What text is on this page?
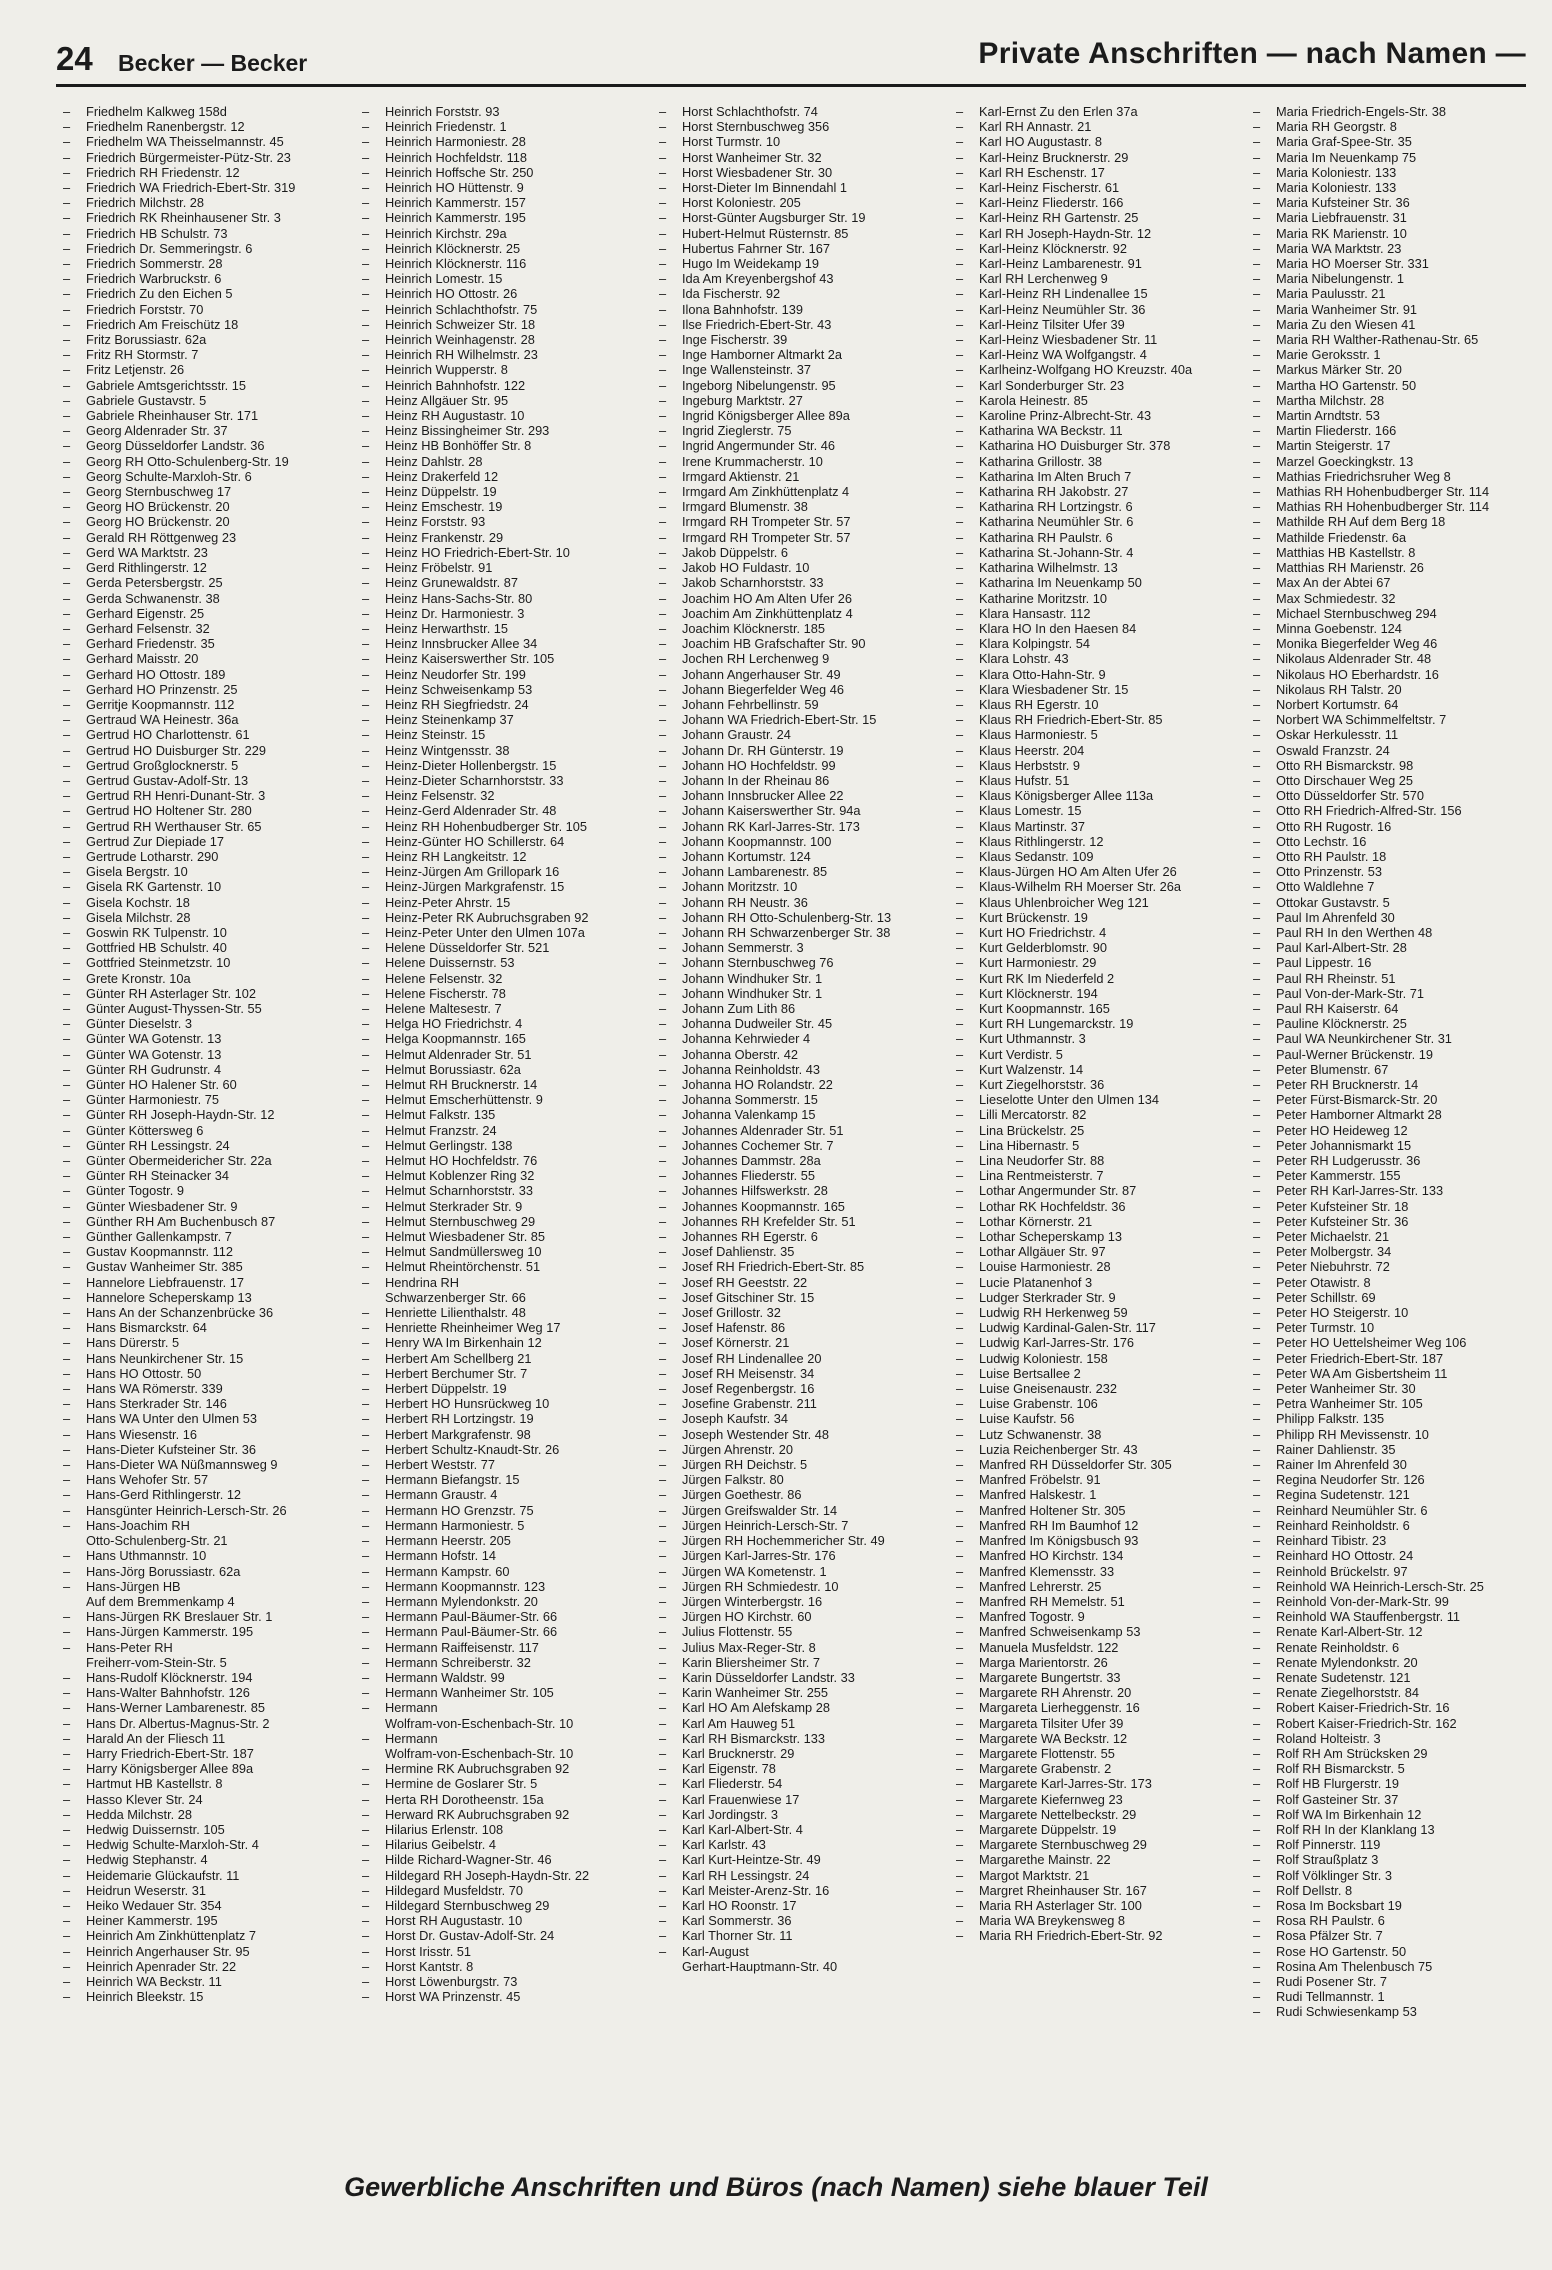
24 Becker — Becker	Private Anschriften — nach Namen —
– Friedhelm Kalkweg 158d
– Friedhelm Ranenbergstr. 12
– Friedhelm WA Theisselmannstr. 45
– Friedrich Bürgermeister-Pütz-Str. 23
– Friedrich RH Friedenstr. 12
– Friedrich WA Friedrich-Ebert-Str. 319
– Friedrich Milchstr. 28
– Friedrich RK Rheinhausener Str. 3
– Friedrich HB Schulstr. 73
– Friedrich Dr. Semmeringstr. 6
– Friedrich Sommerstr. 28
– Friedrich Warbruckstr. 6
– Friedrich Zu den Eichen 5
– Friedrich Forststr. 70
– Friedrich Am Freischütz 18
– Fritz Borussiastr. 62a
– Fritz RH Stormstr. 7
– Fritz Letjenstr. 26
– Gabriele Amtsgerichtsstr. 15
– Gabriele Gustavstr. 5
– Gabriele Rheinhauser Str. 171
– Georg Aldenrader Str. 37
– Georg Düsseldorfer Landstr. 36
– Georg RH Otto-Schulenberg-Str. 19
– Georg Schulte-Marxloh-Str. 6
– Georg Sternbuschweg 17
– Georg HO Brückenstr. 20
– Georg HO Brückenstr. 20
– Gerald RH Röttgenweg 23
– Gerd WA Marktstr. 23
– Gerd Rithlingerstr. 12
– Gerda Petersbergstr. 25
– Gerda Schwanenstr. 38
– Gerhard Eigenstr. 25
– Gerhard Felsenstr. 32
– Gerhard Friedenstr. 35
– Gerhard Maisstr. 20
– Gerhard HO Ottostr. 189
– Gerhard HO Prinzenstr. 25
– Gerritje Koopmannstr. 112
– Gertraud WA Heinestr. 36a
– Gertrud HO Charlottenstr. 61
– Gertrud HO Duisburger Str. 229
– Gertrud Großglocknerstr. 5
– Gertrud Gustav-Adolf-Str. 13
– Gertrud RH Henri-Dunant-Str. 3
– Gertrud HO Holtener Str. 280
– Gertrud RH Werthauser Str. 65
– Gertrud Zur Diepiade 17
– Gertrude Lotharstr. 290
– Gisela Bergstr. 10
– Gisela RK Gartenstr. 10
– Gisela Kochstr. 18
– Gisela Milchstr. 28
– Goswin RK Tulpenstr. 10
– Gottfried HB Schulstr. 40
– Gottfried Steinmetzstr. 10
– Grete Kronstr. 10a
– Günter RH Asterlager Str. 102
– Günter August-Thyssen-Str. 55
– Günter Dieselstr. 3
– Günter WA Gotenstr. 13
– Günter WA Gotenstr. 13
– Günter RH Gudrunstr. 4
– Günter HO Halener Str. 60
– Günter Harmoniestr. 75
– Günter RH Joseph-Haydn-Str. 12
– Günter Köttersweg 6
– Günter RH Lessingstr. 24
– Günter Obermeidericher Str. 22a
– Günter RH Steinacker 34
– Günter Togostr. 9
– Günter Wiesbadener Str. 9
– Günther RH Am Buchenbusch 87
– Günther Gallenkampstr. 7
– Gustav Koopmannstr. 112
– Gustav Wanheimer Str. 385
– Hannelore Liebfrauenstr. 17
– Hannelore Scheperskamp 13
– Hans An der Schanzenbrücke 36
– Hans Bismarckstr. 64
– Hans Dürerstr. 5
– Hans Neunkirchener Str. 15
– Hans HO Ottostr. 50
– Hans WA Römerstr. 339
– Hans Sterkrader Str. 146
– Hans WA Unter den Ulmen 53
– Hans Wiesenstr. 16
– Hans-Dieter Kufsteiner Str. 36
– Hans-Dieter WA Nüßmannsweg 9
– Hans Wehofer Str. 57
– Hans-Gerd Rithlingerstr. 12
– Hansgünter Heinrich-Lersch-Str. 26
– Hans-Joachim RH
Otto-Schulenberg-Str. 21
– Hans Uthmannstr. 10
– Hans-Jörg Borussiastr. 62a
– Hans-Jürgen HB
Auf dem Bremmenkamp 4
– Hans-Jürgen RK Breslauer Str. 1
– Hans-Jürgen Kammerstr. 195
– Hans-Peter RH
Freiherr-vom-Stein-Str. 5
– Hans-Rudolf Klöcknerstr. 194
– Hans-Walter Bahnhofstr. 126
– Hans-Werner Lambarenestr. 85
– Hans Dr. Albertus-Magnus-Str. 2
– Harald An der Fliesch 11
– Harry Friedrich-Ebert-Str. 187
– Harry Königsberger Allee 89a
– Hartmut HB Kastellstr. 8
– Hasso Klever Str. 24
– Hedda Milchstr. 28
– Hedwig Duissernstr. 105
– Hedwig Schulte-Marxloh-Str. 4
– Hedwig Stephanstr. 4
– Heidemarie Glückaufstr. 11
– Heidrun Weserstr. 31
– Heiko Wedauer Str. 354
– Heiner Kammerstr. 195
– Heinrich Am Zinkhüttenplatz 7
– Heinrich Angerhauser Str. 95
– Heinrich Apenrader Str. 22
– Heinrich WA Beckstr. 11
– Heinrich Bleekstr. 15
– Heinrich Forststr. 93
– Heinrich Friedenstr. 1
– Heinrich Harmoniestr. 28
– Heinrich Hochfeldstr. 118
– Heinrich Hoffsche Str. 250
– Heinrich HO Hüttenstr. 9
– Heinrich Kammerstr. 157
– Heinrich Kammerstr. 195
– Heinrich Kirchstr. 29a
– Heinrich Klöcknerstr. 25
– Heinrich Klöcknerstr. 116
– Heinrich Lomestr. 15
– Heinrich HO Ottostr. 26
– Heinrich Schlachthofstr. 75
– Heinrich Schweizer Str. 18
– Heinrich Weinhagenstr. 28
– Heinrich RH Wilhelmstr. 23
– Heinrich Wupperstr. 8
– Heinrich Bahnhofstr. 122
– Heinz Allgäuer Str. 95
– Heinz RH Augustastr. 10
– Heinz Bissingheimer Str. 293
– Heinz HB Bonhöffer Str. 8
– Heinz Dahlstr. 28
– Heinz Drakerfeld 12
– Heinz Düppelstr. 19
– Heinz Emschestr. 19
– Heinz Forststr. 93
– Heinz Frankenstr. 29
– Heinz HO Friedrich-Ebert-Str. 10
– Heinz Fröbelstr. 91
– Heinz Grunewaldstr. 87
– Heinz Hans-Sachs-Str. 80
– Heinz Dr. Harmoniestr. 3
– Heinz Herwarthstr. 15
– Heinz Innsbrucker Allee 34
– Heinz Kaiserswerther Str. 105
– Heinz Neudorfer Str. 199
– Heinz Schweisenkamp 53
– Heinz RH Siegfriedstr. 24
– Heinz Steinenkamp 37
– Heinz Steinstr. 15
– Heinz Wintgensstr. 38
– Heinz-Dieter Hollenbergstr. 15
– Heinz-Dieter Scharnhorststr. 33
– Heinz Felsenstr. 32
– Heinz-Gerd Aldenrader Str. 48
– Heinz RH Hohenbudberger Str. 105
– Heinz-Günter HO Schillerstr. 64
– Heinz RH Langkeitstr. 12
– Heinz-Jürgen Am Grillopark 16
– Heinz-Jürgen Markgrafenstr. 15
– Heinz-Peter Ahrstr. 15
– Heinz-Peter RK Aubruchsgraben 92
– Heinz-Peter Unter den Ulmen 107a
– Helene Düsseldorfer Str. 521
– Helene Duissernstr. 53
– Helene Felsenstr. 32
– Helene Fischerstr. 78
– Helene Maltesestr. 7
– Helga HO Friedrichstr. 4
– Helga Koopmannstr. 165
– Helmut Aldenrader Str. 51
– Helmut Borussiastr. 62a
– Helmut RH Brucknerstr. 14
– Helmut Emscherhüttenstr. 9
– Helmut Falkstr. 135
– Helmut Franzstr. 24
– Helmut Gerlingstr. 138
– Helmut HO Hochfeldstr. 76
– Helmut Koblenzer Ring 32
– Helmut Scharnhorststr. 33
– Helmut Sterkrader Str. 9
– Helmut Sternbuschweg 29
– Helmut Wiesbadener Str. 85
– Helmut Sandmüllersweg 10
– Helmut Rheintörchenstr. 51
– Hendrina RH
Schwarzenberger Str. 66
– Henriette Lilienthalstr. 48
– Henriette Rheinheimer Weg 17
– Henry WA Im Birkenhain 12
– Herbert Am Schellberg 21
– Herbert Berchumer Str. 7
– Herbert Düppelstr. 19
– Herbert HO Hunsrückweg 10
– Herbert RH Lortzingstr. 19
– Herbert Markgrafenstr. 98
– Herbert Schultz-Knaudt-Str. 26
– Herbert Weststr. 77
– Hermann Biefangstr. 15
– Hermann Graustr. 4
– Hermann HO Grenzstr. 75
– Hermann Harmoniestr. 5
– Hermann Heerstr. 205
– Hermann Hofstr. 14
– Hermann Kampstr. 60
– Hermann Koopmannstr. 123
– Hermann Mylendonkstr. 20
– Hermann Paul-Bäumer-Str. 66
– Hermann Paul-Bäumer-Str. 66
– Hermann Raiffeisenstr. 117
– Hermann Schreiberstr. 32
– Hermann Waldstr. 99
– Hermann Wanheimer Str. 105
– Hermann
Wolfram-von-Eschenbach-Str. 10
– Hermann
Wolfram-von-Eschenbach-Str. 10
– Hermine RK Aubruchsgraben 92
– Hermine de Goslarer Str. 5
– Herta RH Dorotheenstr. 15a
– Herward RK Aubruchsgraben 92
– Hilarius Erlenstr. 108
– Hilarius Geibelstr. 4
– Hilde Richard-Wagner-Str. 46
– Hildegard RH Joseph-Haydn-Str. 22
– Hildegard Musfeldstr. 70
– Hildegard Sternbuschweg 29
– Horst RH Augustastr. 10
– Horst Dr. Gustav-Adolf-Str. 24
– Horst Irisstr. 51
– Horst Kantstr. 8
– Horst Löwenburgstr. 73
– Horst WA Prinzenstr. 45
– Horst Schlachthofstr. 74
– Horst Sternbuschweg 356
– Horst Turmstr. 10
– Horst Wanheimer Str. 32
– Horst Wiesbadener Str. 30
– Horst-Dieter Im Binnendahl 1
– Horst Koloniestr. 205
– Horst-Günter Augsburger Str. 19
– Hubert-Helmut Rüsternstr. 85
– Hubertus Fahrner Str. 167
– Hugo Im Weidekamp 19
– Ida Am Kreyenbergshof 43
– Ida Fischerstr. 92
– Ilona Bahnhofstr. 139
– Ilse Friedrich-Ebert-Str. 43
– Inge Fischerstr. 39
– Inge Hamborner Altmarkt 2a
– Inge Wallensteinstr. 37
– Ingeborg Nibelungenstr. 95
– Ingeburg Marktstr. 27
– Ingrid Königsberger Allee 89a
– Ingrid Zieglerstr. 75
– Ingrid Angermunder Str. 46
– Irene Krummacherstr. 10
– Irmgard Aktienstr. 21
– Irmgard Am Zinkhüttenplatz 4
– Irmgard Blumenstr. 38
– Irmgard RH Trompeter Str. 57
– Irmgard RH Trompeter Str. 57
– Jakob Düppelstr. 6
– Jakob HO Fuldastr. 10
– Jakob Scharnhorststr. 33
– Joachim HO Am Alten Ufer 26
– Joachim Am Zinkhüttenplatz 4
– Joachim Klöcknerstr. 185
– Joachim HB Grafschafter Str. 90
– Jochen RH Lerchenweg 9
– Johann Angerhauser Str. 49
– Johann Biegerfelder Weg 46
– Johann Fehrbellinstr. 59
– Johann WA Friedrich-Ebert-Str. 15
– Johann Graustr. 24
– Johann Dr. RH Günterstr. 19
– Johann HO Hochfeldstr. 99
– Johann In der Rheinau 86
– Johann Innsbrucker Allee 22
– Johann Kaiserswerther Str. 94a
– Johann RK Karl-Jarres-Str. 173
– Johann Koopmannstr. 100
– Johann Kortumstr. 124
– Johann Lambarenestr. 85
– Johann Moritzstr. 10
– Johann RH Neustr. 36
– Johann RH Otto-Schulenberg-Str. 13
– Johann RH Schwarzenberger Str. 38
– Johann Semmerstr. 3
– Johann Sternbuschweg 76
– Johann Windhuker Str. 1
– Johann Windhuker Str. 1
– Johann Zum Lith 86
– Johanna Dudweiler Str. 45
– Johanna Kehrwieder 4
– Johanna Oberstr. 42
– Johanna Reinholdstr. 43
– Johanna HO Rolandstr. 22
– Johanna Sommerstr. 15
– Johanna Valenkamp 15
– Johannes Aldenrader Str. 51
– Johannes Cochemer Str. 7
– Johannes Dammstr. 28a
– Johannes Fliederstr. 55
– Johannes Hilfswerkstr. 28
– Johannes Koopmannstr. 165
– Johannes RH Krefelder Str. 51
– Johannes RH Egerstr. 6
– Josef Dahlienstr. 35
– Josef RH Friedrich-Ebert-Str. 85
– Josef RH Geeststr. 22
– Josef Gitschiner Str. 15
– Josef Grillostr. 32
– Josef Hafenstr. 86
– Josef Körnerstr. 21
– Josef RH Lindenallee 20
– Josef RH Meisenstr. 34
– Josef Regenbergstr. 16
– Josefine Grabenstr. 211
– Joseph Kaufstr. 34
– Joseph Westender Str. 48
– Jürgen Ahrenstr. 20
– Jürgen RH Deichstr. 5
– Jürgen Falkstr. 80
– Jürgen Goethestr. 86
– Jürgen Greifswalder Str. 14
– Jürgen Heinrich-Lersch-Str. 7
– Jürgen RH Hochemmericher Str. 49
– Jürgen Karl-Jarres-Str. 176
– Jürgen WA Kometenstr. 1
– Jürgen RH Schmiedestr. 10
– Jürgen Winterbergstr. 16
– Jürgen HO Kirchstr. 60
– Julius Flottenstr. 55
– Julius Max-Reger-Str. 8
– Karin Bliersheimer Str. 7
– Karin Düsseldorfer Landstr. 33
– Karin Wanheimer Str. 255
– Karl HO Am Alefskamp 28
– Karl Am Hauweg 51
– Karl RH Bismarckstr. 133
– Karl Brucknerstr. 29
– Karl Eigenstr. 78
– Karl Fliederstr. 54
– Karl Frauenwiese 17
– Karl Jordingstr. 3
– Karl Karl-Albert-Str. 4
– Karl Karlstr. 43
– Karl Kurt-Heintze-Str. 49
– Karl RH Lessingstr. 24
– Karl Meister-Arenz-Str. 16
– Karl HO Roonstr. 17
– Karl Sommerstr. 36
– Karl Thorner Str. 11
– Karl-August
Gerhart-Hauptmann-Str. 40
– Karl-Ernst Zu den Erlen 37a
– Karl RH Annastr. 21
– Karl HO Augustastr. 8
– Karl-Heinz Brucknerstr. 29
– Karl RH Eschenstr. 17
– Karl-Heinz Fischerstr. 61
– Karl-Heinz Fliederstr. 166
– Karl-Heinz RH Gartenstr. 25
– Karl RH Joseph-Haydn-Str. 12
– Karl-Heinz Klöcknerstr. 92
– Karl-Heinz Lambarenestr. 91
– Karl RH Lerchenweg 9
– Karl-Heinz RH Lindenallee 15
– Karl-Heinz Neumühler Str. 36
– Karl-Heinz Tilsiter Ufer 39
– Karl-Heinz Wiesbadener Str. 11
– Karl-Heinz WA Wolfgangstr. 4
– Karlheinz-Wolfgang HO Kreuzstr. 40a
– Karl Sonderburger Str. 23
– Karola Heinestr. 85
– Karoline Prinz-Albrecht-Str. 43
– Katharina WA Beckstr. 11
– Katharina HO Duisburger Str. 378
– Katharina Grillostr. 38
– Katharina Im Alten Bruch 7
– Katharina RH Jakobstr. 27
– Katharina RH Lortzingstr. 6
– Katharina Neumühler Str. 6
– Katharina RH Paulstr. 6
– Katharina St.-Johann-Str. 4
– Katharina Wilhelmstr. 13
– Katharina Im Neuenkamp 50
– Katharine Moritzstr. 10
– Klara Hansastr. 112
– Klara HO In den Haesen 84
– Klara Kolpingstr. 54
– Klara Lohstr. 43
– Klara Otto-Hahn-Str. 9
– Klara Wiesbadener Str. 15
– Klaus RH Egerstr. 10
– Klaus RH Friedrich-Ebert-Str. 85
– Klaus Harmoniestr. 5
– Klaus Heerstr. 204
– Klaus Herbststr. 9
– Klaus Hufstr. 51
– Klaus Königsberger Allee 113a
– Klaus Lomestr. 15
– Klaus Martinstr. 37
– Klaus Rithlingerstr. 12
– Klaus Sedanstr. 109
– Klaus-Jürgen HO Am Alten Ufer 26
– Klaus-Wilhelm RH Moerser Str. 26a
– Klaus Uhlenbroicher Weg 121
– Kurt Brückenstr. 19
– Kurt HO Friedrichstr. 4
– Kurt Gelderblomstr. 90
– Kurt Harmoniestr. 29
– Kurt RK Im Niederfeld 2
– Kurt Klöcknerstr. 194
– Kurt Koopmannstr. 165
– Kurt RH Lungemarckstr. 19
– Kurt Uthmannstr. 3
– Kurt Verdistr. 5
– Kurt Walzenstr. 14
– Kurt Ziegelhorststr. 36
– Lieselotte Unter den Ulmen 134
– Lilli Mercatorstr. 82
– Lina Brückelstr. 25
– Lina Hibernastr. 5
– Lina Neudorfer Str. 88
– Lina Rentmeisterstr. 7
– Lothar Angermunder Str. 87
– Lothar RK Hochfeldstr. 36
– Lothar Körnerstr. 21
– Lothar Scheperskamp 13
– Lothar Allgäuer Str. 97
– Louise Harmoniestr. 28
– Lucie Platanenhof 3
– Ludger Sterkrader Str. 9
– Ludwig RH Herkenweg 59
– Ludwig Kardinal-Galen-Str. 117
– Ludwig Karl-Jarres-Str. 176
– Ludwig Koloniestr. 158
– Luise Bertsallee 2
– Luise Gneisenaustr. 232
– Luise Grabenstr. 106
– Luise Kaufstr. 56
– Lutz Schwanenstr. 38
– Luzia Reichenberger Str. 43
– Manfred RH Düsseldorfer Str. 305
– Manfred Fröbelstr. 91
– Manfred Halskestr. 1
– Manfred Holtener Str. 305
– Manfred RH Im Baumhof 12
– Manfred Im Königsbusch 93
– Manfred HO Kirchstr. 134
– Manfred Klemensstr. 33
– Manfred Lehrerstr. 25
– Manfred RH Memelstr. 51
– Manfred Togostr. 9
– Manfred Schweisenkamp 53
– Manuela Musfeldstr. 122
– Marga Marientorstr. 26
– Margarete Bungertstr. 33
– Margarete RH Ahrenstr. 20
– Margareta Lierheggenstr. 16
– Margareta Tilsiter Ufer 39
– Margarete WA Beckstr. 12
– Margarete Flottenstr. 55
– Margarete Grabenstr. 2
– Margarete Karl-Jarres-Str. 173
– Margarete Kiefernweg 23
– Margarete Nettelbeckstr. 29
– Margarete Düppelstr. 19
– Margarete Sternbuschweg 29
– Margarethe Mainstr. 22
– Margot Marktstr. 21
– Margret Rheinhauser Str. 167
– Maria RH Asterlager Str. 100
– Maria WA Breykensweg 8
– Maria RH Friedrich-Ebert-Str. 92
– Maria Friedrich-Engels-Str. 38
– Maria RH Georgstr. 8
– Maria Graf-Spee-Str. 35
– Maria Im Neuenkamp 75
– Maria Koloniestr. 133
– Maria Koloniestr. 133
– Maria Kufsteiner Str. 36
– Maria Liebfrauenstr. 31
– Maria RK Marienstr. 10
– Maria WA Marktstr. 23
– Maria HO Moerser Str. 331
– Maria Nibelungenstr. 1
– Maria Paulusstr. 21
– Maria Wanheimer Str. 91
– Maria Zu den Wiesen 41
– Maria RH Walther-Rathenau-Str. 65
– Marie Geroksstr. 1
– Markus Märker Str. 20
– Martha HO Gartenstr. 50
– Martha Milchstr. 28
– Martin Arndtstr. 53
– Martin Fliederstr. 166
– Martin Steigerstr. 17
– Marzel Goeckingkstr. 13
– Mathias Friedrichsruher Weg 8
– Mathias RH Hohenbudberger Str. 114
– Mathias RH Hohenbudberger Str. 114
– Mathilde RH Auf dem Berg 18
– Mathilde Friedenstr. 6a
– Matthias HB Kastellstr. 8
– Matthias RH Marienstr. 26
– Max An der Abtei 67
– Max Schmiedestr. 32
– Michael Sternbuschweg 294
– Minna Goebenstr. 124
– Monika Biegerfelder Weg 46
– Nikolaus Aldenrader Str. 48
– Nikolaus HO Eberhardstr. 16
– Nikolaus RH Talstr. 20
– Norbert Kortumstr. 64
– Norbert WA Schimmelfeltstr. 7
– Oskar Herkulesstr. 11
– Oswald Franzstr. 24
– Otto RH Bismarckstr. 98
– Otto Dirschauer Weg 25
– Otto Düsseldorfer Str. 570
– Otto RH Friedrich-Alfred-Str. 156
– Otto RH Rugostr. 16
– Otto Lechstr. 16
– Otto RH Paulstr. 18
– Otto Prinzenstr. 53
– Otto Waldlehne 7
– Ottokar Gustavstr. 5
– Paul Im Ahrenfeld 30
– Paul RH In den Werthen 48
– Paul Karl-Albert-Str. 28
– Paul Lippestr. 16
– Paul RH Rheinstr. 51
– Paul Von-der-Mark-Str. 71
– Paul RH Kaiserstr. 64
– Pauline Klöcknerstr. 25
– Paul WA Neunkirchener Str. 31
– Paul-Werner Brückenstr. 19
– Peter Blumenstr. 67
– Peter RH Brucknerstr. 14
– Peter Fürst-Bismarck-Str. 20
– Peter Hamborner Altmarkt 28
– Peter HO Heideweg 12
– Peter Johannismarkt 15
– Peter RH Ludgerusstr. 36
– Peter Kammerstr. 155
– Peter RH Karl-Jarres-Str. 133
– Peter Kufsteiner Str. 18
– Peter Kufsteiner Str. 36
– Peter Michaelstr. 21
– Peter Molbergstr. 34
– Peter Niebuhrstr. 72
– Peter Otawistr. 8
– Peter Schillstr. 69
– Peter HO Steigerstr. 10
– Peter Turmstr. 10
– Peter HO Uettelsheimer Weg 106
– Peter Friedrich-Ebert-Str. 187
– Peter WA Am Gisbertsheim 11
– Peter Wanheimer Str. 30
– Petra Wanheimer Str. 105
– Philipp Falkstr. 135
– Philipp RH Mevissenstr. 10
– Rainer Dahlienstr. 35
– Rainer Im Ahrenfeld 30
– Regina Neudorfer Str. 126
– Regina Sudetenstr. 121
– Reinhard Neumühler Str. 6
– Reinhard Reinholdstr. 6
– Reinhard Tibistr. 23
– Reinhard HO Ottostr. 24
– Reinhold Brückelstr. 97
– Reinhold WA Heinrich-Lersch-Str. 25
– Reinhold Von-der-Mark-Str. 99
– Reinhold WA Stauffenbergstr. 11
– Renate Karl-Albert-Str. 12
– Renate Reinholdstr. 6
– Renate Mylendonkstr. 20
– Renate Sudetenstr. 121
– Renate Ziegelhorststr. 84
– Robert Kaiser-Friedrich-Str. 16
– Robert Kaiser-Friedrich-Str. 162
– Roland Holteistr. 3
– Rolf RH Am Strücksken 29
– Rolf RH Bismarckstr. 5
– Rolf HB Flurgerstr. 19
– Rolf Gasteiner Str. 37
– Rolf WA Im Birkenhain 12
– Rolf RH In der Klanklang 13
– Rolf Pinnerstr. 119
– Rolf Straußplatz 3
– Rolf Völklinger Str. 3
– Rolf Dellstr. 8
– Rosa Im Bocksbart 19
– Rosa RH Paulstr. 6
– Rosa Pfälzer Str. 7
– Rose HO Gartenstr. 50
– Rosina Am Thelenbusch 75
– Rudi Posener Str. 7
– Rudi Tellmannstr. 1
– Rudi Schwiesenkamp 53
Gewerbliche Anschriften und Büros (nach Namen) siehe blauer Teil
